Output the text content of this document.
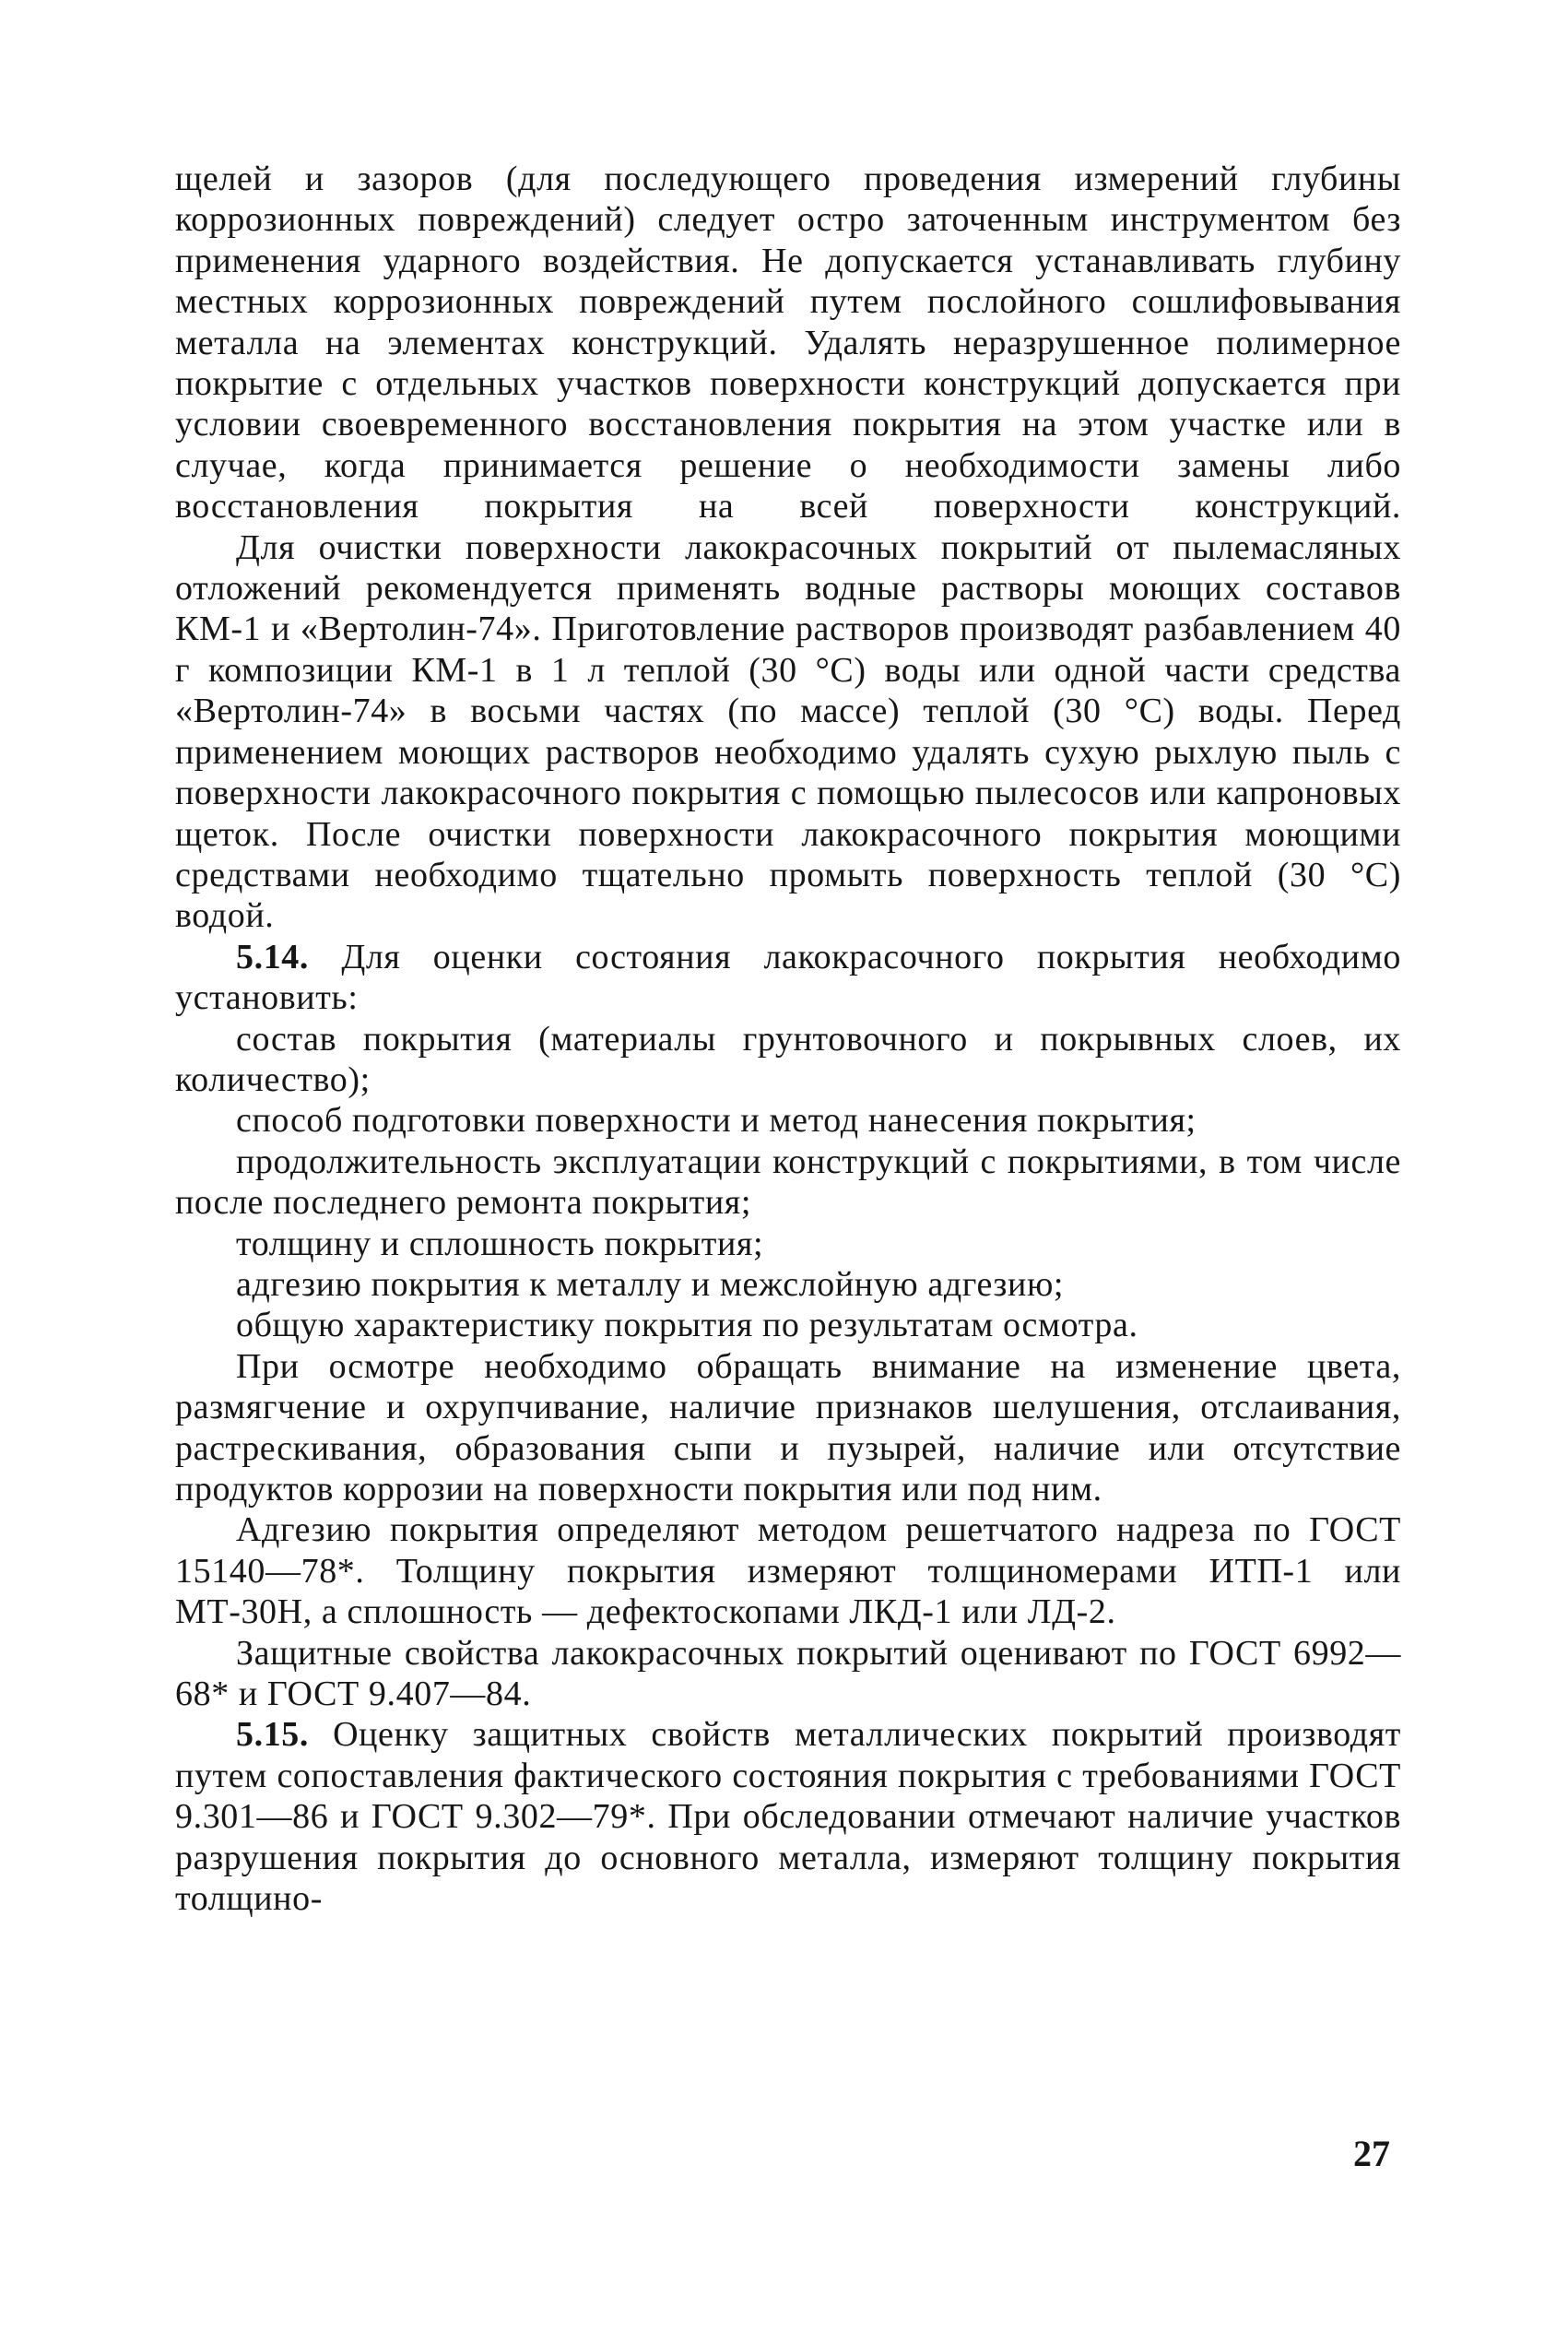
щелей и зазоров (для последующего проведения измерений глубины коррозионных повреждений) следует остро заточенным инструментом без применения ударного воздействия. Не допускается устанавливать глубину местных коррозионных повреждений путем послойного сошлифовывания металла на элементах конструкций. Удалять неразрушенное полимерное покрытие с отдельных участков поверхности конструкций допускается при условии своевременного восстановления покрытия на этом участке или в случае, когда принимается решение о необходимости замены либо восстановления покрытия на всей поверхности конструкций.

Для очистки поверхности лакокрасочных покрытий от пылемасляных отложений рекомендуется применять водные растворы моющих составов КМ-1 и «Вертолин-74». Приготовление растворов производят разбавлением 40 г композиции КМ-1 в 1 л теплой (30 °С) воды или одной части средства «Вертолин-74» в восьми частях (по массе) теплой (30 °С) воды. Перед применением моющих растворов необходимо удалять сухую рыхлую пыль с поверхности лакокрасочного покрытия с помощью пылесосов или капроновых щеток. После очистки поверхности лакокрасочного покрытия моющими средствами необходимо тщательно промыть поверхность теплой (30 °С) водой.

5.14. Для оценки состояния лакокрасочного покрытия необходимо установить:

состав покрытия (материалы грунтовочного и покрывных слоев, их количество);

способ подготовки поверхности и метод нанесения покрытия;

продолжительность эксплуатации конструкций с покрытиями, в том числе после последнего ремонта покрытия;

толщину и сплошность покрытия;

адгезию покрытия к металлу и межслойную адгезию;

общую характеристику покрытия по результатам осмотра.

При осмотре необходимо обращать внимание на изменение цвета, размягчение и охрупчивание, наличие признаков шелушения, отслаивания, растрескивания, образования сыпи и пузырей, наличие или отсутствие продуктов коррозии на поверхности покрытия или под ним.

Адгезию покрытия определяют методом решетчатого надреза по ГОСТ 15140—78*. Толщину покрытия измеряют толщиномерами ИТП-1 или МТ-30Н, а сплошность — дефектоскопами ЛКД-1 или ЛД-2.

Защитные свойства лакокрасочных покрытий оценивают по ГОСТ 6992—68* и ГОСТ 9.407—84.

5.15. Оценку защитных свойств металлических покрытий производят путем сопоставления фактического состояния покрытия с требованиями ГОСТ 9.301—86 и ГОСТ 9.302—79*. При обследовании отмечают наличие участков разрушения покрытия до основного металла, измеряют толщину покрытия толщино-

27
